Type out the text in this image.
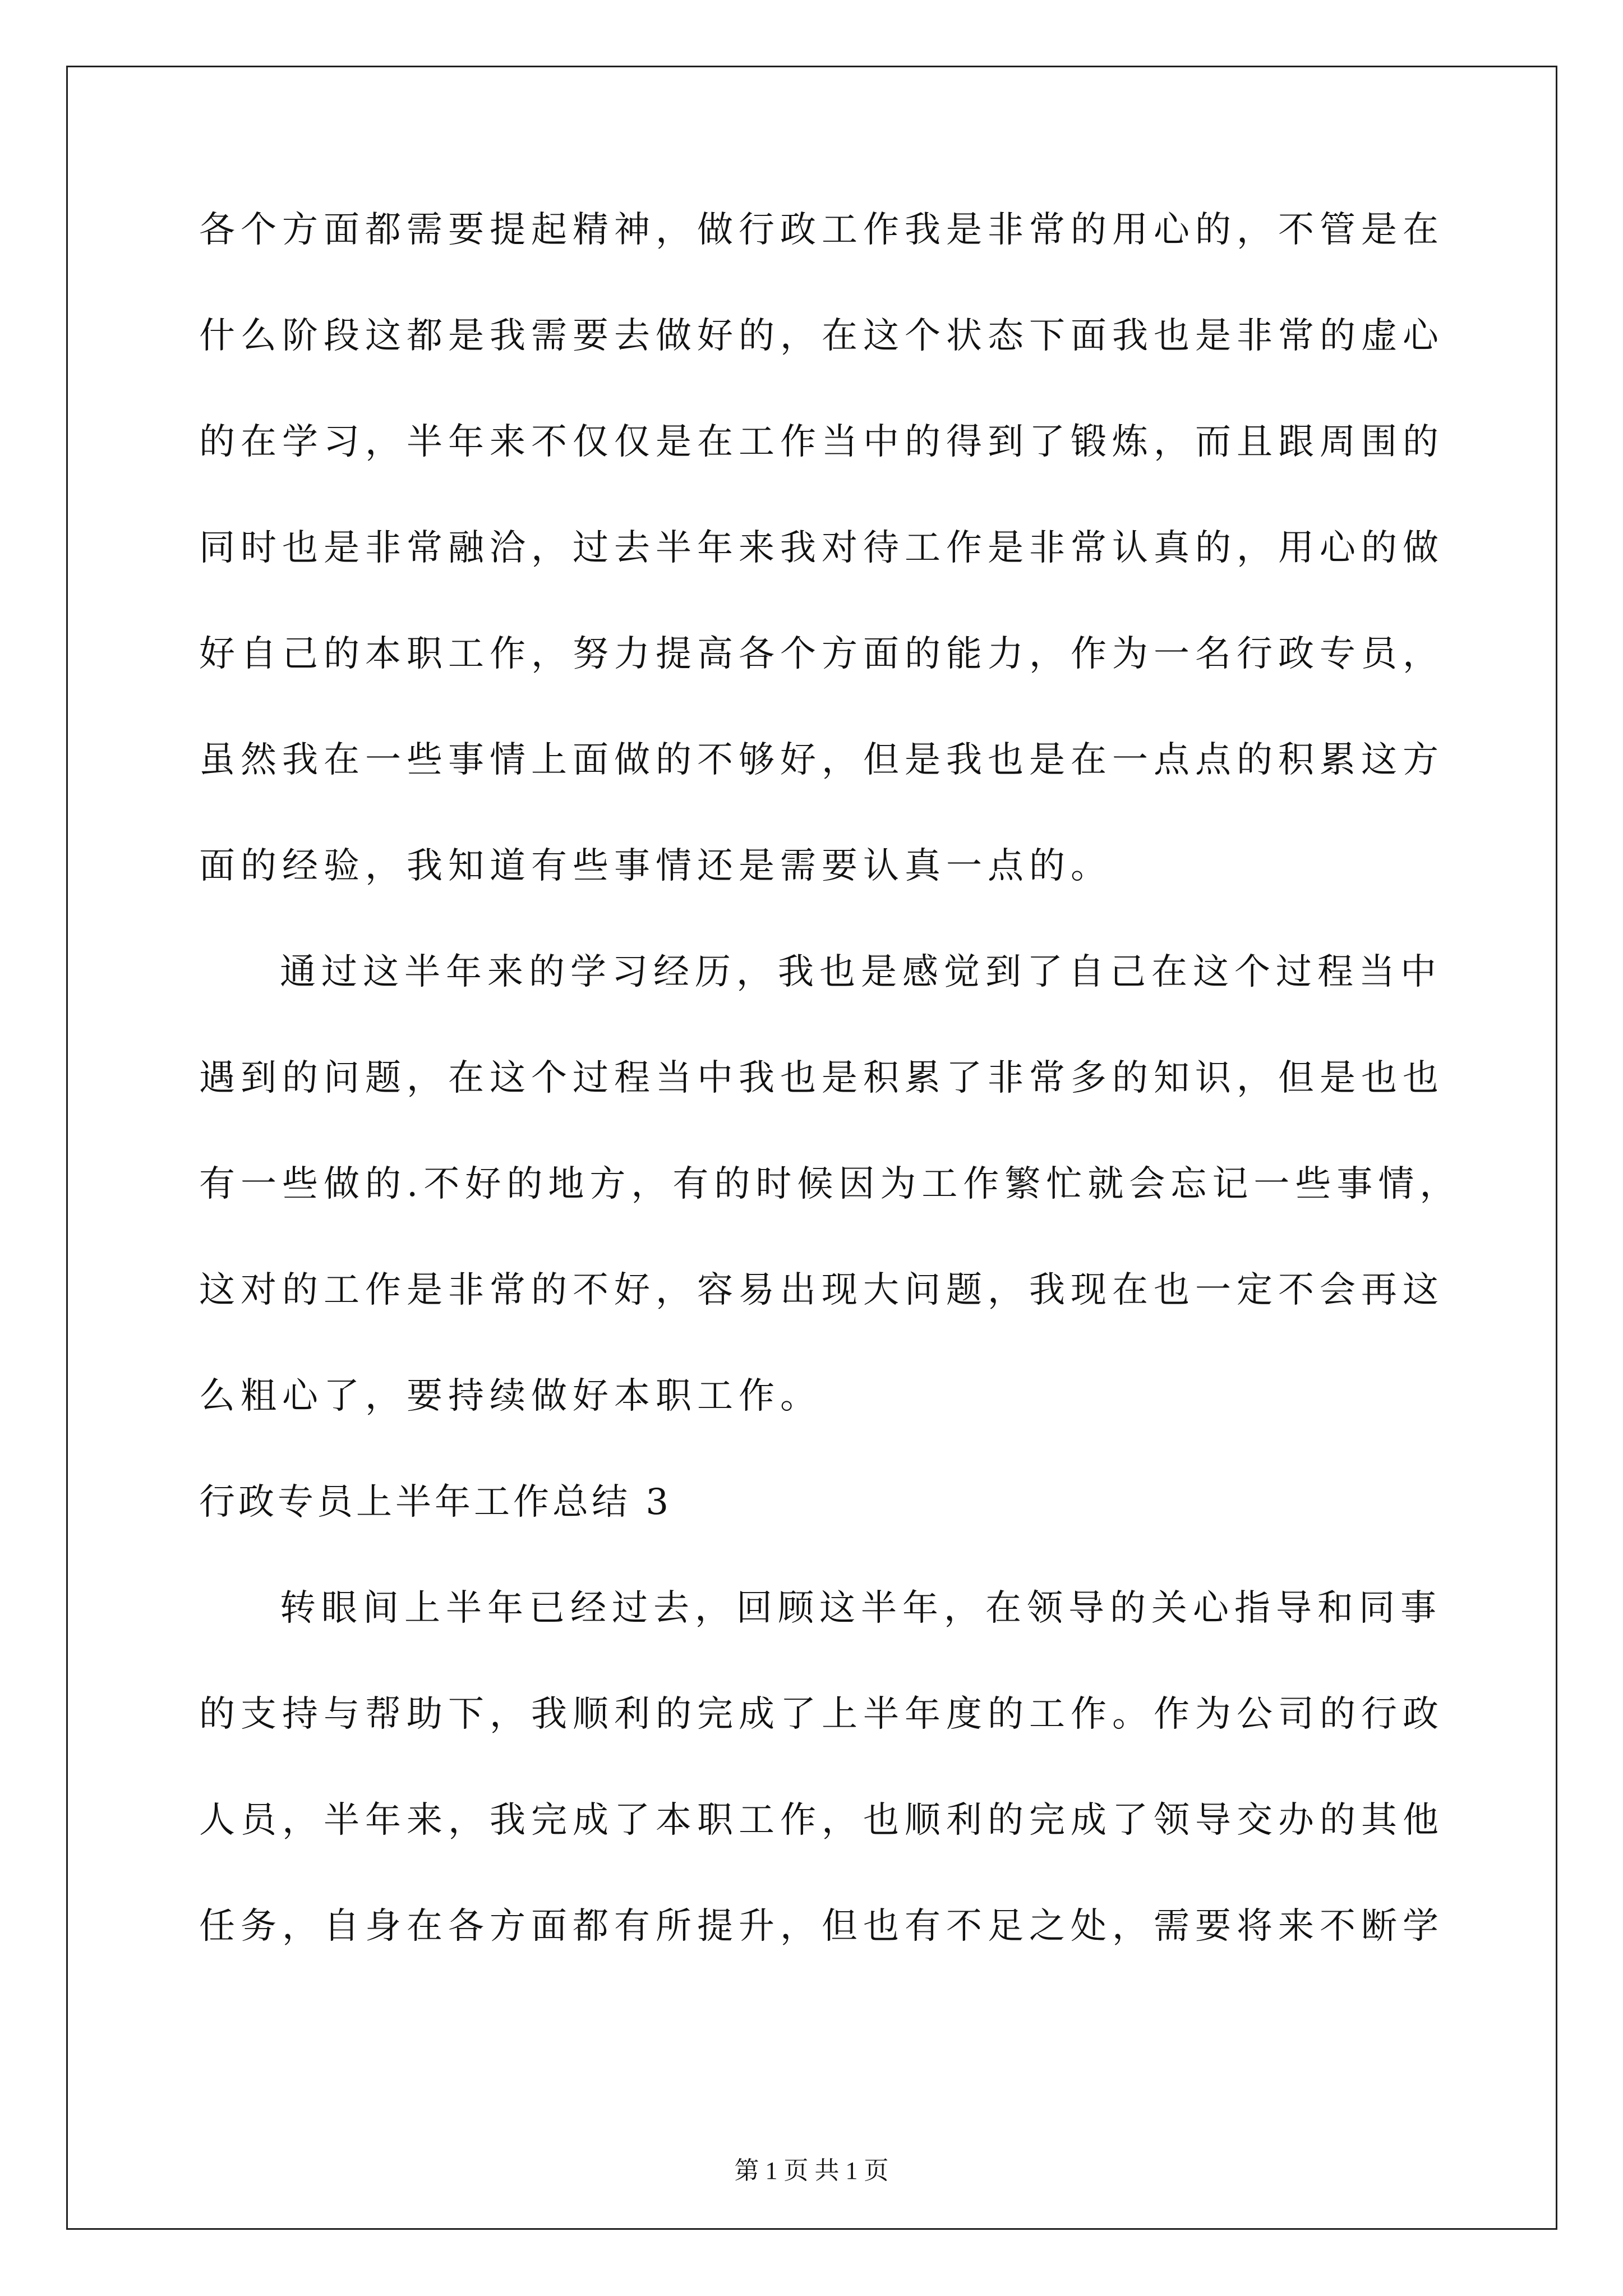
各个方面都需要提起精神，做行政工作我是非常的用心的，不管是在
什么阶段这都是我需要去做好的，在这个状态下面我也是非常的虚心
的在学习，半年来不仅仅是在工作当中的得到了锻炼，而且跟周围的
同时也是非常融洽，过去半年来我对待工作是非常认真的，用心的做
好自己的本职工作，努力提高各个方面的能力，作为一名行政专员，
虽然我在一些事情上面做的不够好，但是我也是在一点点的积累这方
面的经验，我知道有些事情还是需要认真一点的。
通过这半年来的学习经历，我也是感觉到了自己在这个过程当中
遇到的问题，在这个过程当中我也是积累了非常多的知识，但是也也
有一些做的.不好的地方，有的时候因为工作繁忙就会忘记一些事情，
这对的工作是非常的不好，容易出现大问题，我现在也一定不会再这
么粗心了，要持续做好本职工作。
行政专员上半年工作总结 3
转眼间上半年已经过去，回顾这半年，在领导的关心指导和同事
的支持与帮助下，我顺利的完成了上半年度的工作。作为公司的行政
人员，半年来，我完成了本职工作，也顺利的完成了领导交办的其他
任务，自身在各方面都有所提升，但也有不足之处，需要将来不断学
第 1 页 共 1 页
